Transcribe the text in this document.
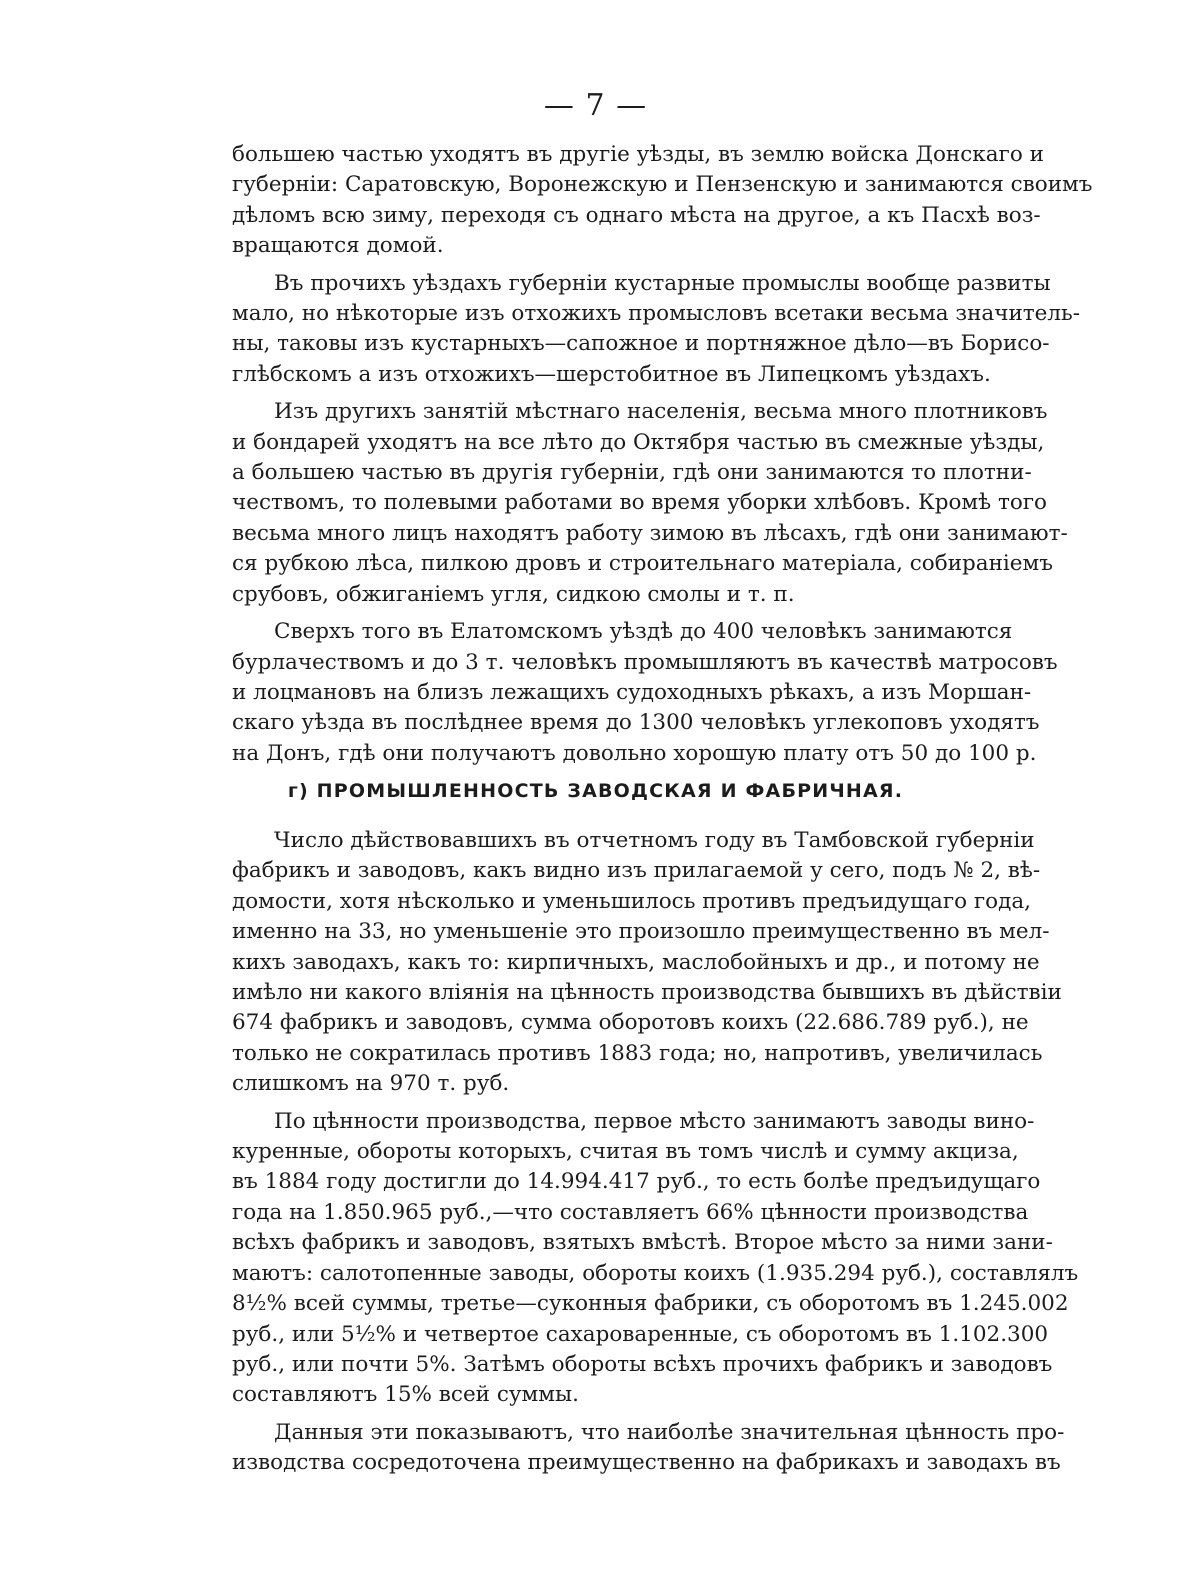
— 7 —
большею частью уходятъ въ другіе уѣзды, въ землю войска Донскаго и
губерніи: Саратовскую, Воронежскую и Пензенскую и занимаются своимъ
дѣломъ всю зиму, переходя съ однаго мѣста на другое, а къ Пасхѣ воз-
вращаются домой.
Въ прочихъ уѣздахъ губерніи кустарные промыслы вообще развиты
мало, но нѣкоторые изъ отхожихъ промысловъ всетаки весьма значитель-
ны, таковы изъ кустарныхъ—сапожное и портняжное дѣло—въ Борисо-
глѣбскомъ а изъ отхожихъ—шерстобитное въ Липецкомъ уѣздахъ.
Изъ другихъ занятій мѣстнаго населенія, весьма много плотниковъ
и бондарей уходятъ на все лѣто до Октября частью въ смежные уѣзды,
а большею частью въ другія губерніи, гдѣ они занимаются то плотни-
чествомъ, то полевыми работами во время уборки хлѣбовъ. Кромѣ того
весьма много лицъ находятъ работу зимою въ лѣсахъ, гдѣ они занимают-
ся рубкою лѣса, пилкою дровъ и строительнаго матеріала, собираніемъ
срубовъ, обжиганіемъ угля, сидкою смолы и т. п.
Сверхъ того въ Елатомскомъ уѣздѣ до 400 человѣкъ занимаются
бурлачествомъ и до 3 т. человѣкъ промышляютъ въ качествѣ матросовъ
и лоцмановъ на близъ лежащихъ судоходныхъ рѣкахъ, а изъ Моршан-
скаго уѣзда въ послѣднее время до 1300 человѣкъ углекоповъ уходятъ
на Донъ, гдѣ они получаютъ довольно хорошую плату отъ 50 до 100 р.
г) ПРОМЫШЛЕННОСТЬ ЗАВОДСКАЯ И ФАБРИЧНАЯ.
Число дѣйствовавшихъ въ отчетномъ году въ Тамбовской губерніи
фабрикъ и заводовъ, какъ видно изъ прилагаемой у сего, подъ № 2, вѣ-
домости, хотя нѣсколько и уменьшилось противъ предъидущаго года,
именно на 33, но уменьшеніе это произошло преимущественно въ мел-
кихъ заводахъ, какъ то: кирпичныхъ, маслобойныхъ и др., и потому не
имѣло ни какого вліянія на цѣнность производства бывшихъ въ дѣйствіи
674 фабрикъ и заводовъ, сумма оборотовъ коихъ (22.686.789 руб.), не
только не сократилась противъ 1883 года; но, напротивъ, увеличилась
слишкомъ на 970 т. руб.
По цѣнности производства, первое мѣсто занимаютъ заводы вино-
куренные, обороты которыхъ, считая въ томъ числѣ и сумму акциза,
въ 1884 году достигли до 14.994.417 руб., то есть болѣе предъидущаго
года на 1.850.965 руб.,—что составляетъ 66% цѣнности производства
всѣхъ фабрикъ и заводовъ, взятыхъ вмѣстѣ. Второе мѣсто за ними зани-
маютъ: салотопенные заводы, обороты коихъ (1.935.294 руб.), составлялъ
8½% всей суммы, третье—суконныя фабрики, съ оборотомъ въ 1.245.002
руб., или 5½% и четвертое сахароваренные, съ оборотомъ въ 1.102.300
руб., или почти 5%. Затѣмъ обороты всѣхъ прочихъ фабрикъ и заводовъ
составляютъ 15% всей суммы.
Данныя эти показываютъ, что наиболѣе значительная цѣнность про-
изводства сосредоточена преимущественно на фабрикахъ и заводахъ въ
